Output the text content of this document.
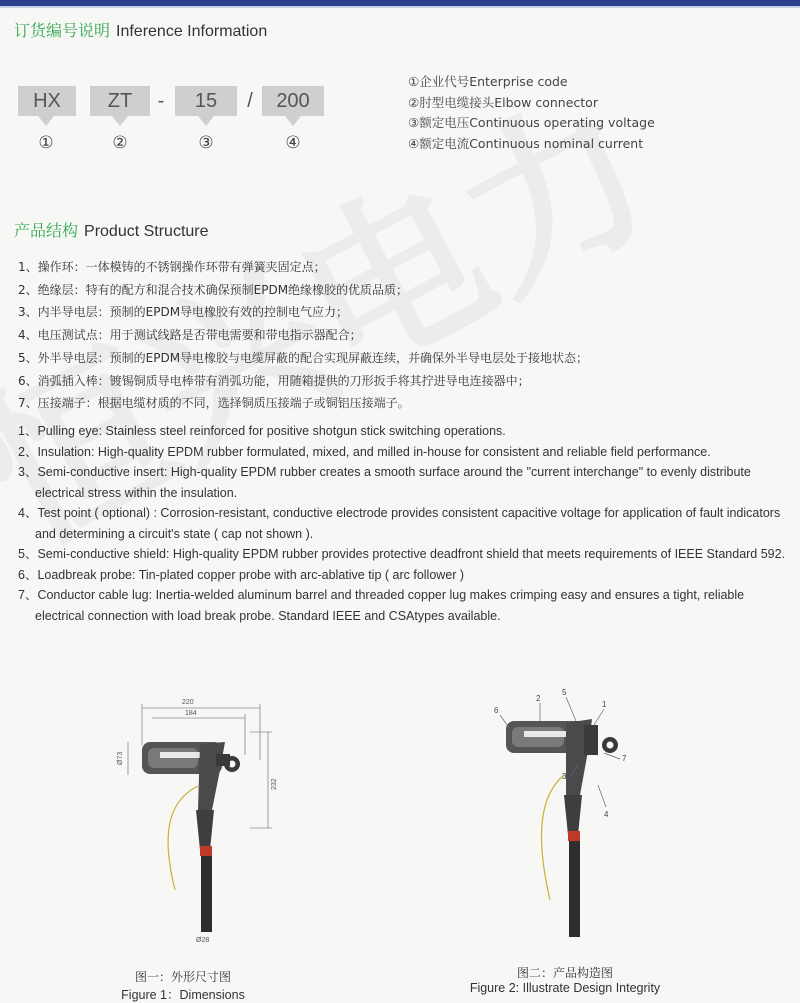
订货编号说明 Inference Information
HX	ZT	-	15	/	200
①	②	③	④
①企业代号Enterprise code
②肘型电缆接头Elbow connector
③额定电压Continuous operating voltage
④额定电流Continuous nominal current
产品结构 Product Structure
1、操作环：一体模铸的不锈钢操作环带有弹簧夹固定点；
2、绝缘层：特有的配方和混合技术确保预制EPDM绝缘橡胶的优质品质；
3、内半导电层：预制的EPDM导电橡胶有效的控制电气应力；
4、电压测试点：用于测试线路是否带电需要和带电指示器配合；
5、外半导电层：预制的EPDM导电橡胶与电缆屏蔽的配合实现屏蔽连续，并确保外半导电层处于接地状态；
6、消弧插入棒：镀锡铜质导电棒带有消弧功能，用随箱提供的刀形扳手将其拧进导电连接器中；
7、压接端子：根据电缆材质的不同，选择铜质压接端子或铜铝压接端子。
1、Pulling eye: Stainless steel reinforced for positive shotgun stick switching operations.
2、Insulation: High-quality EPDM rubber formulated, mixed, and milled in-house for consistent and reliable field performance.
3、Semi-conductive insert: High-quality EPDM rubber creates a smooth surface around the "current interchange" to evenly distribute electrical stress within the insulation.
4、Test point ( optional) : Corrosion-resistant, conductive electrode provides consistent capacitive voltage for application of fault indicators and determining a circuit's state ( cap not shown ).
5、Semi-conductive shield: High-quality EPDM rubber provides protective deadfront shield that meets requirements of IEEE Standard 592.
6、Loadbreak probe: Tin-plated copper probe with arc-ablative tip ( arc follower )
7、Conductor cable lug: Inertia-welded aluminum barrel and threaded copper lug makes crimping easy and ensures a tight, reliable electrical connection with load break probe. Standard IEEE and CSAtypes available.
220
184
Ø73
232
Ø28
图一：外形尺寸图
Figure 1：Dimensions
6
2
5
1
7
3
4
图二：产品构造图
Figure 2: Illustrate Design Integrity
